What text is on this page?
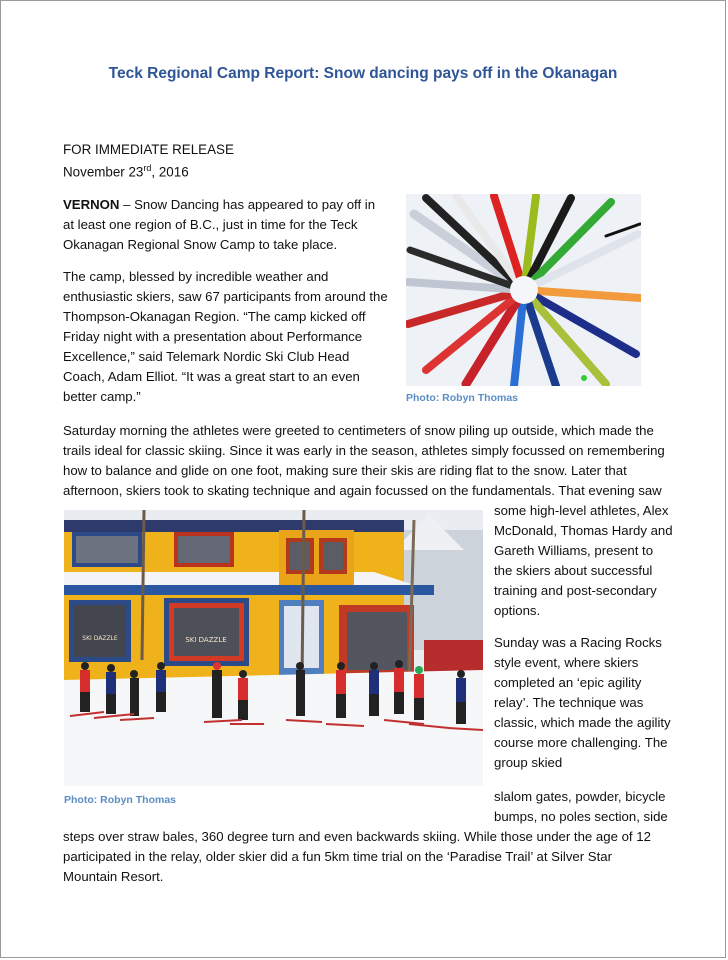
Teck Regional Camp Report: Snow dancing pays off in the Okanagan
FOR IMMEDIATE RELEASE
November 23rd, 2016

VERNON – Snow Dancing has appeared to pay off in at least one region of B.C., just in time for the Teck Okanagan Regional Snow Camp to take place.

The camp, blessed by incredible weather and enthusiastic skiers, saw 67 participants from around the Thompson-Okanagan Region. “The camp kicked off Friday night with a presentation about Performance Excellence,” said Telemark Nordic Ski Club Head Coach, Adam Elliot. “It was a great start to an even better camp.”	Photo: Robyn Thomas

Saturday morning the athletes were greeted to centimeters of snow piling up outside, which made the trails ideal for classic skiing. Since it was early in the season, athletes simply focussed on remembering how to balance and glide on one foot, making sure their skis are riding flat to the snow. Later that afternoon, skiers took to skating technique and again focussed on the fundamentals. That evening saw

SKI DAZZLE
SKI DAZZLE
Photo: Robyn Thomas

some high-level athletes, Alex McDonald, Thomas Hardy and Gareth Williams, present to the skiers about successful training and post-secondary options.

Sunday was a Racing Rocks style event, where skiers completed an ‘epic agility relay’. The technique was classic, which made the agility course more challenging. The group skied

slalom gates, powder, bicycle bumps, no poles section, side

steps over straw bales, 360 degree turn and even backwards skiing. While those under the age of 12 participated in the relay, older skier did a fun 5km time trial on the ‘Paradise Trail’ at Silver Star Mountain Resort.
